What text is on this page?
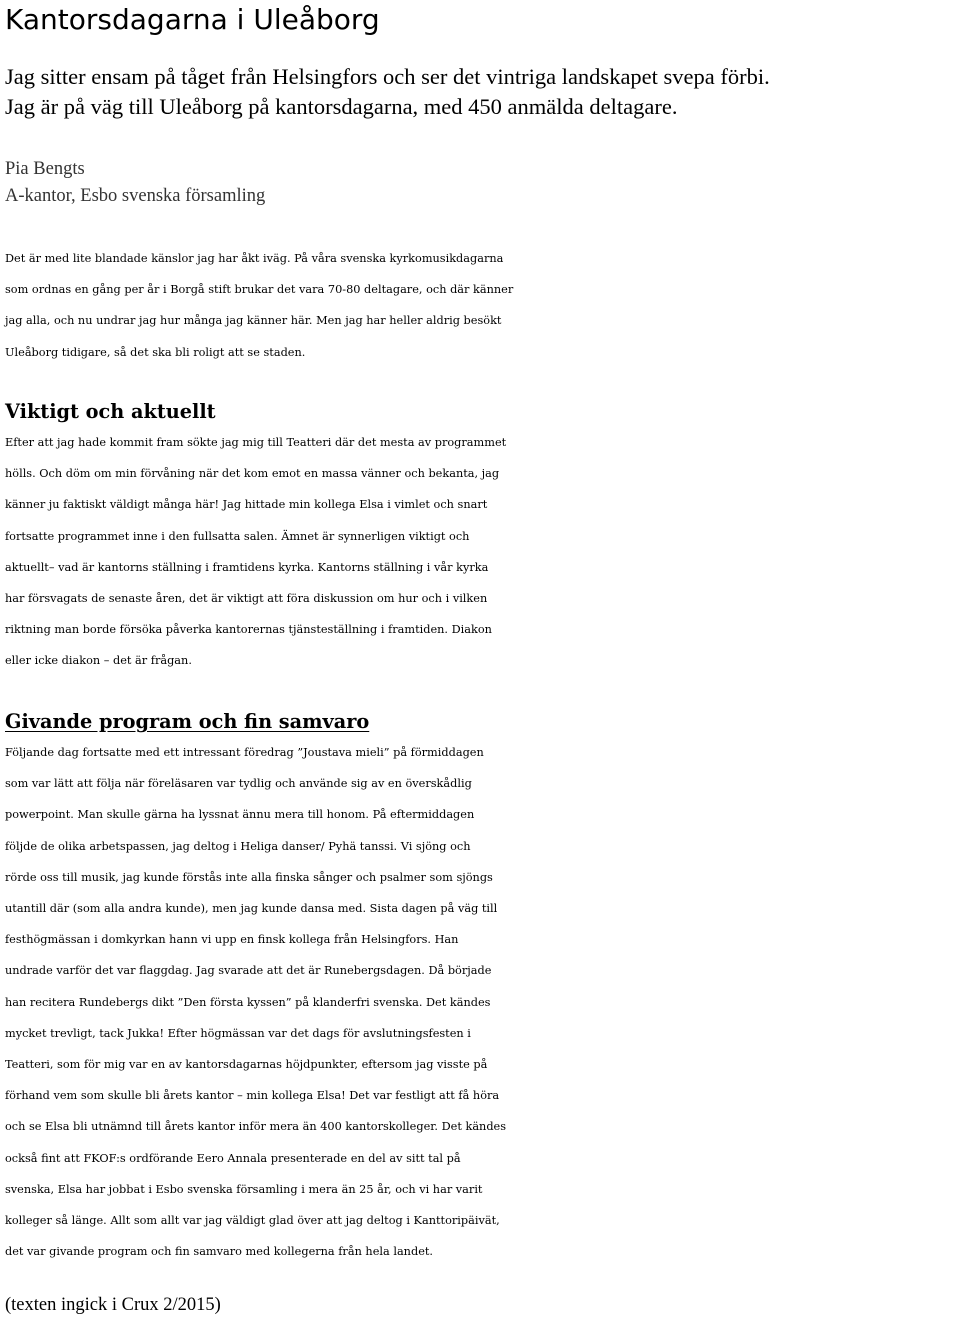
Kantorsdagarna i Uleåborg

Jag sitter ensam på tåget från Helsingfors och ser det vintriga landskapet svepa förbi.
Jag är på väg till Uleåborg på kantorsdagarna, med 450 anmälda deltagare.

Pia Bengts
A-kantor, Esbo svenska församling

Det är med lite blandade känslor jag har åkt iväg. På våra svenska kyrkomusikdagarna
som ordnas en gång per år i Borgå stift brukar det vara 70-80 deltagare, och där känner
jag alla, och nu undrar jag hur många jag känner här. Men jag har heller aldrig besökt
Uleåborg tidigare, så det ska bli roligt att se staden.

Viktigt och aktuellt

Efter att jag hade kommit fram sökte jag mig till Teatteri där det mesta av programmet
hölls. Och döm om min förvåning när det kom emot en massa vänner och bekanta, jag
känner ju faktiskt väldigt många här! Jag hittade min kollega Elsa i vimlet och snart
fortsatte programmet inne i den fullsatta salen. Ämnet är synnerligen viktigt och
aktuellt– vad är kantorns ställning i framtidens kyrka. Kantorns ställning i vår kyrka
har försvagats de senaste åren, det är viktigt att föra diskussion om hur och i vilken
riktning man borde försöka påverka kantorernas tjänsteställning i framtiden. Diakon
eller icke diakon – det är frågan.

Givande program och fin samvaro

Följande dag fortsatte med ett intressant föredrag ”Joustava mieli” på förmiddagen
som var lätt att följa när föreläsaren var tydlig och använde sig av en överskådlig
powerpoint. Man skulle gärna ha lyssnat ännu mera till honom. På eftermiddagen
följde de olika arbetspassen, jag deltog i Heliga danser/ Pyhä tanssi. Vi sjöng och
rörde oss till musik, jag kunde förstås inte alla finska sånger och psalmer som sjöngs
utantill där (som alla andra kunde), men jag kunde dansa med. Sista dagen på väg till
festhögmässan i domkyrkan hann vi upp en finsk kollega från Helsingfors. Han
undrade varför det var flaggdag. Jag svarade att det är Runebergsdagen. Då började
han recitera Rundebergs dikt ”Den första kyssen” på klanderfri svenska. Det kändes
mycket trevligt, tack Jukka! Efter högmässan var det dags för avslutningsfesten i
Teatteri, som för mig var en av kantorsdagarnas höjdpunkter, eftersom jag visste på
förhand vem som skulle bli årets kantor – min kollega Elsa! Det var festligt att få höra
och se Elsa bli utnämnd till årets kantor inför mera än 400 kantorskolleger. Det kändes
också fint att FKOF:s ordförande Eero Annala presenterade en del av sitt tal på
svenska, Elsa har jobbat i Esbo svenska församling i mera än 25 år, och vi har varit
kolleger så länge. Allt som allt var jag väldigt glad över att jag deltog i Kanttoripäivät,
det var givande program och fin samvaro med kollegerna från hela landet.

(texten ingick i Crux 2/2015)
